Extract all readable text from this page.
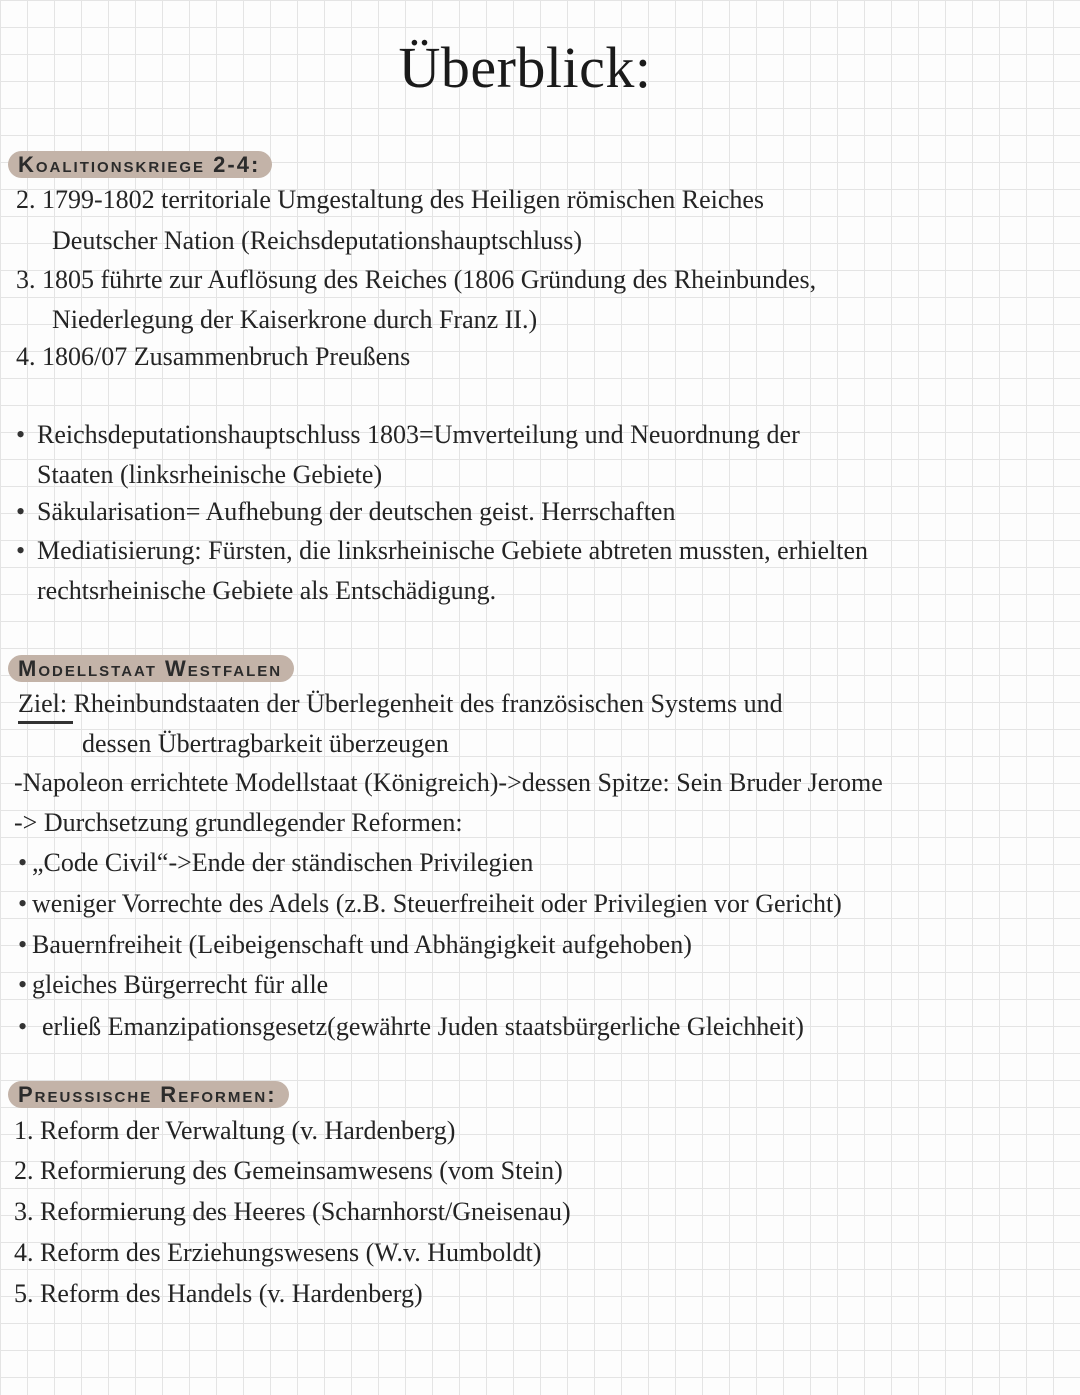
Überblick:
Koalitionskriege 2-4:
2. 1799-1802 territoriale Umgestaltung des Heiligen römischen Reiches
Deutscher Nation (Reichsdeputationshauptschluss)
3. 1805 führte zur Auflösung des Reiches (1806 Gründung des Rheinbundes,
Niederlegung der Kaiserkrone durch Franz II.)
4. 1806/07 Zusammenbruch Preußens
• Reichsdeputationshauptschluss 1803=Umverteilung und Neuordnung der
Staaten (linksrheinische Gebiete)
• Säkularisation= Aufhebung der deutschen geist. Herrschaften
• Mediatisierung: Fürsten, die linksrheinische Gebiete abtreten mussten, erhielten
rechtsrheinische Gebiete als Entschädigung.
Modellstaat Westfalen
Ziel: Rheinbundstaaten der Überlegenheit des französischen Systems und
dessen Übertragbarkeit überzeugen
-Napoleon errichtete Modellstaat (Königreich)->dessen Spitze: Sein Bruder Jerome
-> Durchsetzung grundlegender Reformen:
• „Code Civil“->Ende der ständischen Privilegien
• weniger Vorrechte des Adels (z.B. Steuerfreiheit oder Privilegien vor Gericht)
• Bauernfreiheit (Leibeigenschaft und Abhängigkeit aufgehoben)
• gleiches Bürgerrecht für alle
• erließ Emanzipationsgesetz(gewährte Juden staatsbürgerliche Gleichheit)
Preussische Reformen:
1. Reform der Verwaltung (v. Hardenberg)
2. Reformierung des Gemeinsamwesens (vom Stein)
3. Reformierung des Heeres (Scharnhorst/Gneisenau)
4. Reform des Erziehungswesens (W.v. Humboldt)
5. Reform des Handels (v. Hardenberg)
